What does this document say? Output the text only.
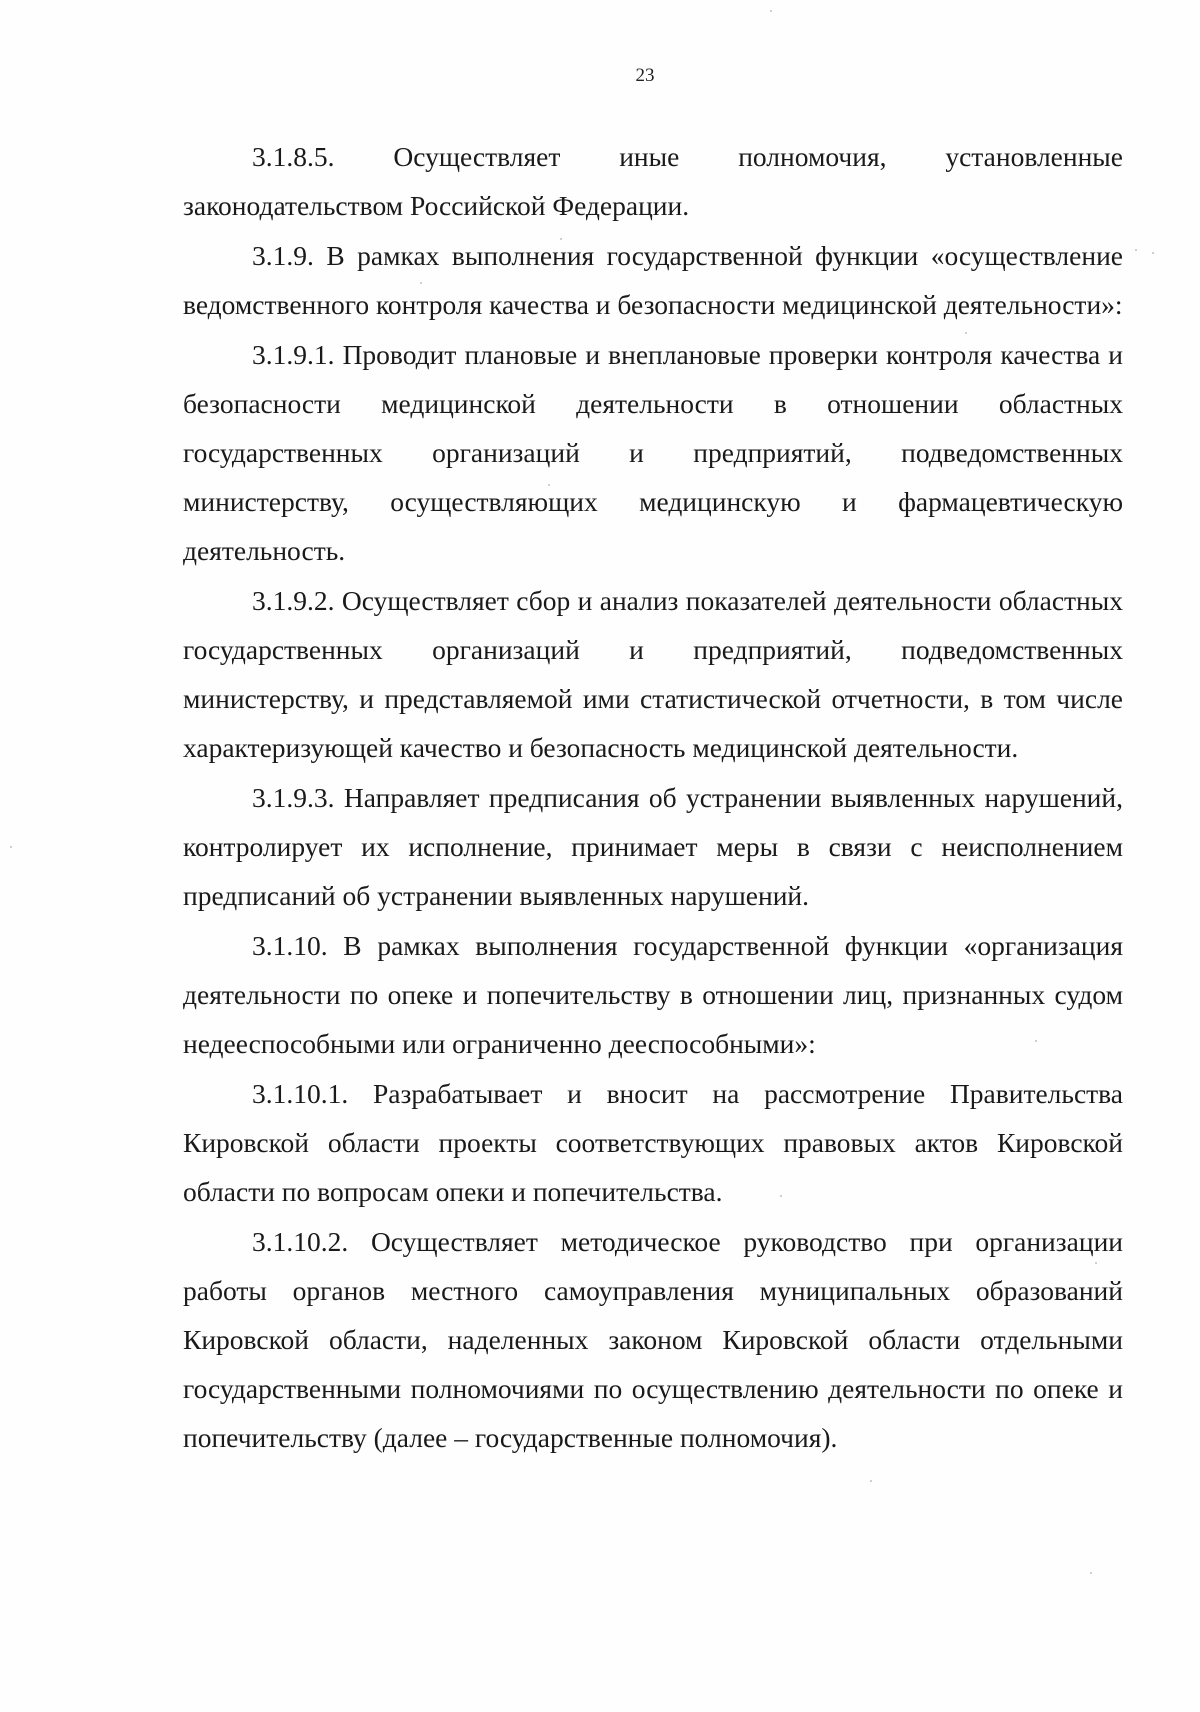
23

3.1.8.5. Осуществляет иные полномочия, установленные законодательством Российской Федерации.

3.1.9. В рамках выполнения государственной функции «осуществление ведомственного контроля качества и безопасности медицинской деятельности»:

3.1.9.1. Проводит плановые и внеплановые проверки контроля качества и безопасности медицинской деятельности в отношении областных государственных организаций и предприятий, подведомственных министерству, осуществляющих медицинскую и фармацевтическую деятельность.

3.1.9.2. Осуществляет сбор и анализ показателей деятельности областных государственных организаций и предприятий, подведомственных министерству, и представляемой ими статистической отчетности, в том числе характеризующей качество и безопасность медицинской деятельности.

3.1.9.3. Направляет предписания об устранении выявленных нарушений, контролирует их исполнение, принимает меры в связи с неисполнением предписаний об устранении выявленных нарушений.

3.1.10. В рамках выполнения государственной функции «организация деятельности по опеке и попечительству в отношении лиц, признанных судом недееспособными или ограниченно дееспособными»:

3.1.10.1. Разрабатывает и вносит на рассмотрение Правительства Кировской области проекты соответствующих правовых актов Кировской области по вопросам опеки и попечительства.

3.1.10.2. Осуществляет методическое руководство при организации работы органов местного самоуправления муниципальных образований Кировской области, наделенных законом Кировской области отдельными государственными полномочиями по осуществлению деятельности по опеке и попечительству (далее – государственные полномочия).
